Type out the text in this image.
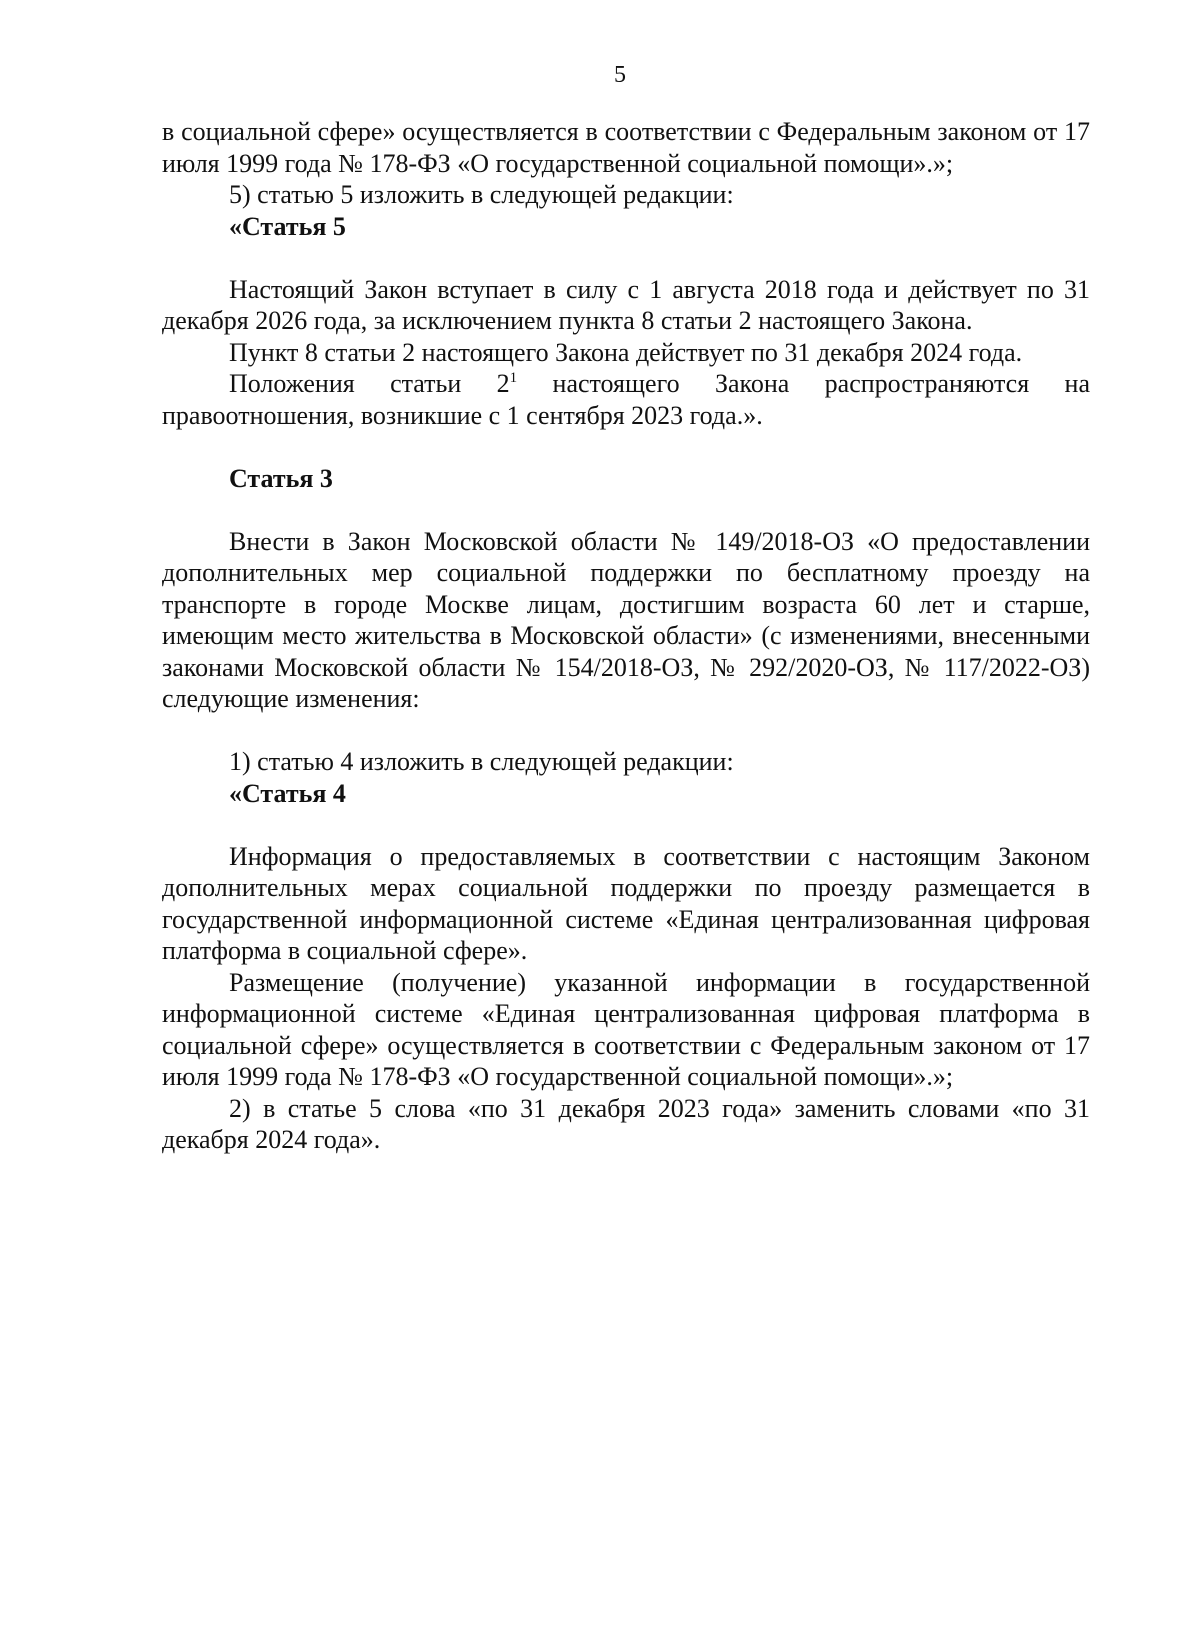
5

в социальной сфере» осуществляется в соответствии с Федеральным законом от 17 июля 1999 года № 178-ФЗ «О государственной социальной помощи».»;

5) статью 5 изложить в следующей редакции:

«Статья 5

Настоящий Закон вступает в силу с 1 августа 2018 года и действует по 31 декабря 2026 года, за исключением пункта 8 статьи 2 настоящего Закона.

Пункт 8 статьи 2 настоящего Закона действует по 31 декабря 2024 года.

Положения статьи $2^1$ настоящего Закона распространяются на правоотношения, возникшие с 1 сентября 2023 года.».

Статья 3

Внести в Закон Московской области № 149/2018-ОЗ «О предоставлении дополнительных мер социальной поддержки по бесплатному проезду на транспорте в городе Москве лицам, достигшим возраста 60 лет и старше, имеющим место жительства в Московской области» (с изменениями, внесенными законами Московской области № 154/2018-ОЗ, № 292/2020-ОЗ, № 117/2022-ОЗ) следующие изменения:

1) статью 4 изложить в следующей редакции:

«Статья 4

Информация о предоставляемых в соответствии с настоящим Законом дополнительных мерах социальной поддержки по проезду размещается в государственной информационной системе «Единая централизованная цифровая платформа в социальной сфере».

Размещение (получение) указанной информации в государственной информационной системе «Единая централизованная цифровая платформа в социальной сфере» осуществляется в соответствии с Федеральным законом от 17 июля 1999 года № 178-ФЗ «О государственной социальной помощи».»;

2) в статье 5 слова «по 31 декабря 2023 года» заменить словами «по 31 декабря 2024 года».
